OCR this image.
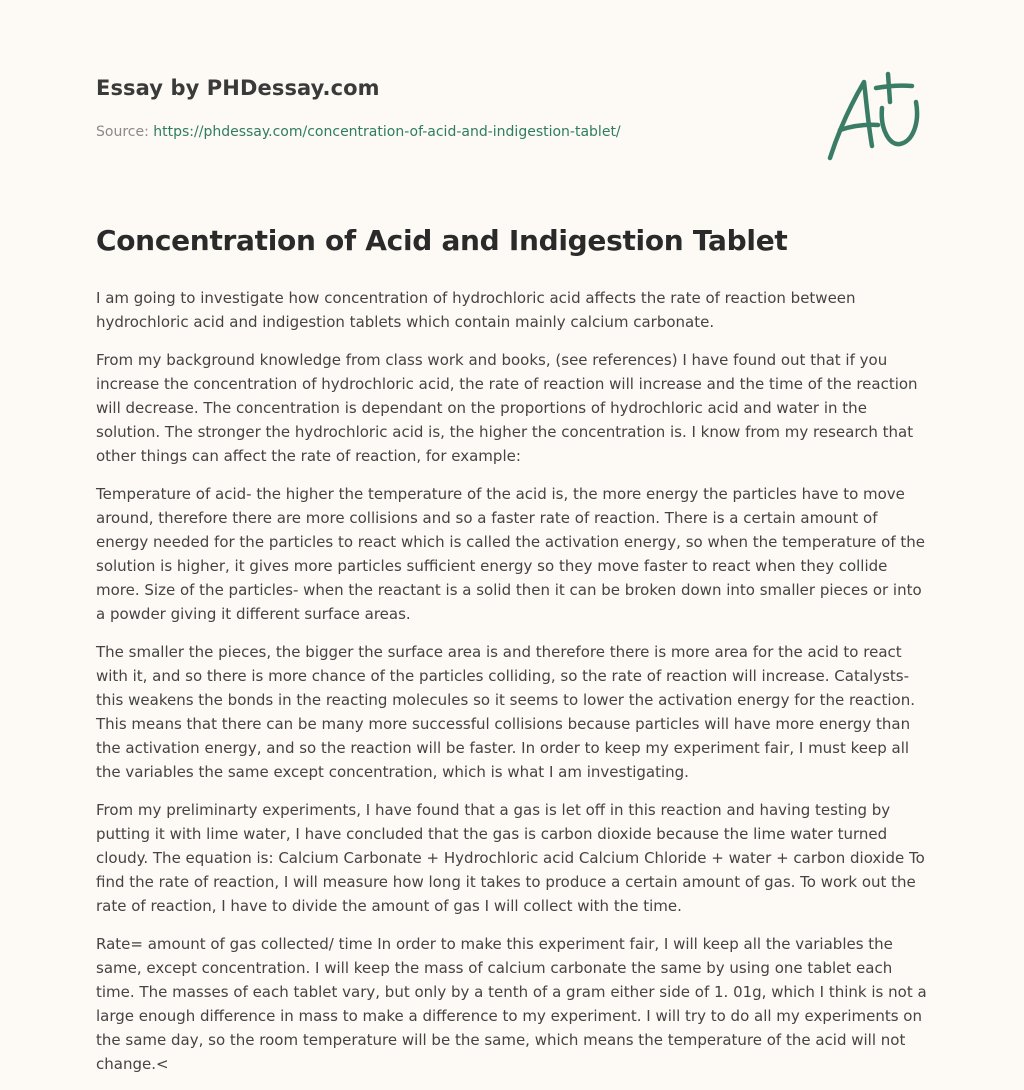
Essay by PHDessay.com
Source: https://phdessay.com/concentration-of-acid-and-indigestion-tablet/
Concentration of Acid and Indigestion Tablet

I am going to investigate how concentration of hydrochloric acid affects the rate of reaction between hydrochloric acid and indigestion tablets which contain mainly calcium carbonate.

From my background knowledge from class work and books, (see references) I have found out that if you increase the concentration of hydrochloric acid, the rate of reaction will increase and the time of the reaction will decrease. The concentration is dependant on the proportions of hydrochloric acid and water in the solution. The stronger the hydrochloric acid is, the higher the concentration is. I know from my research that other things can affect the rate of reaction, for example:

Temperature of acid- the higher the temperature of the acid is, the more energy the particles have to move around, therefore there are more collisions and so a faster rate of reaction. There is a certain amount of energy needed for the particles to react which is called the activation energy, so when the temperature of the solution is higher, it gives more particles sufficient energy so they move faster to react when they collide more. Size of the particles- when the reactant is a solid then it can be broken down into smaller pieces or into a powder giving it different surface areas.

The smaller the pieces, the bigger the surface area is and therefore there is more area for the acid to react with it, and so there is more chance of the particles colliding, so the rate of reaction will increase. Catalysts- this weakens the bonds in the reacting molecules so it seems to lower the activation energy for the reaction. This means that there can be many more successful collisions because particles will have more energy than the activation energy, and so the reaction will be faster. In order to keep my experiment fair, I must keep all the variables the same except concentration, which is what I am investigating.

From my preliminarty experiments, I have found that a gas is let off in this reaction and having testing by putting it with lime water, I have concluded that the gas is carbon dioxide because the lime water turned cloudy. The equation is: Calcium Carbonate + Hydrochloric acid Calcium Chloride + water + carbon dioxide To find the rate of reaction, I will measure how long it takes to produce a certain amount of gas. To work out the rate of reaction, I have to divide the amount of gas I will collect with the time.

Rate= amount of gas collected/ time In order to make this experiment fair, I will keep all the variables the same, except concentration. I will keep the mass of calcium carbonate the same by using one tablet each time. The masses of each tablet vary, but only by a tenth of a gram either side of 1. 01g, which I think is not a large enough difference in mass to make a difference to my experiment. I will try to do all my experiments on the same day, so the room temperature will be the same, which means the temperature of the acid will not change.<
